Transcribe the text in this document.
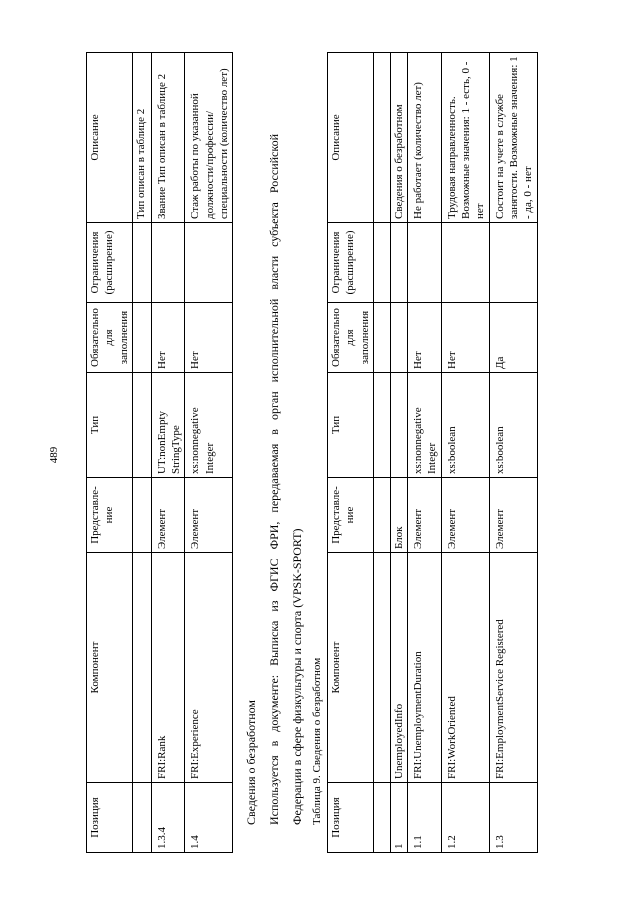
489
Позиция	Компонент	Представле-ние	Тип	Обязательно для заполнения	Ограничения (расширение)	Описание
						Тип описан в таблице 2
1.3.4	FRI:Rank	Элемент	UT:nonEmpty StringType	Нет		Звание Тип описан в таблице 2
1.4	FRI:Experience	Элемент	xs:nonnegative Integer	Нет		Стаж работы по указанной должности/профессии/специальности (количество лет)
Сведения о безработном Используется в документе: Выписка из ФГИС ФРИ, передаваемая в орган исполнительной власти субъекта Российской Федерации в сфере физкультуры и спорта (VPSK-SPORT) Таблица 9. Сведения о безработном Позиция	Компонент	Представле-ние	Тип	Обязательно для заполнения	Ограничения (расширение)	Описание

1	UnemployedInfo	Блок				Сведения о безработном
1.1	FRI:UnemploymentDuration	Элемент	xs:nonnegative Integer	Нет		Не работает (количество лет)
1.2	FRI:WorkOriented	Элемент	xs:boolean	Нет		Трудовая направленность. Возможные значения: 1 - есть, 0 - нет
1.3	FRI:EmploymentService Registered	Элемент	xs:boolean	Да		Состоит на учете в службе занятости. Возможные значения: 1 - да, 0 - нет
